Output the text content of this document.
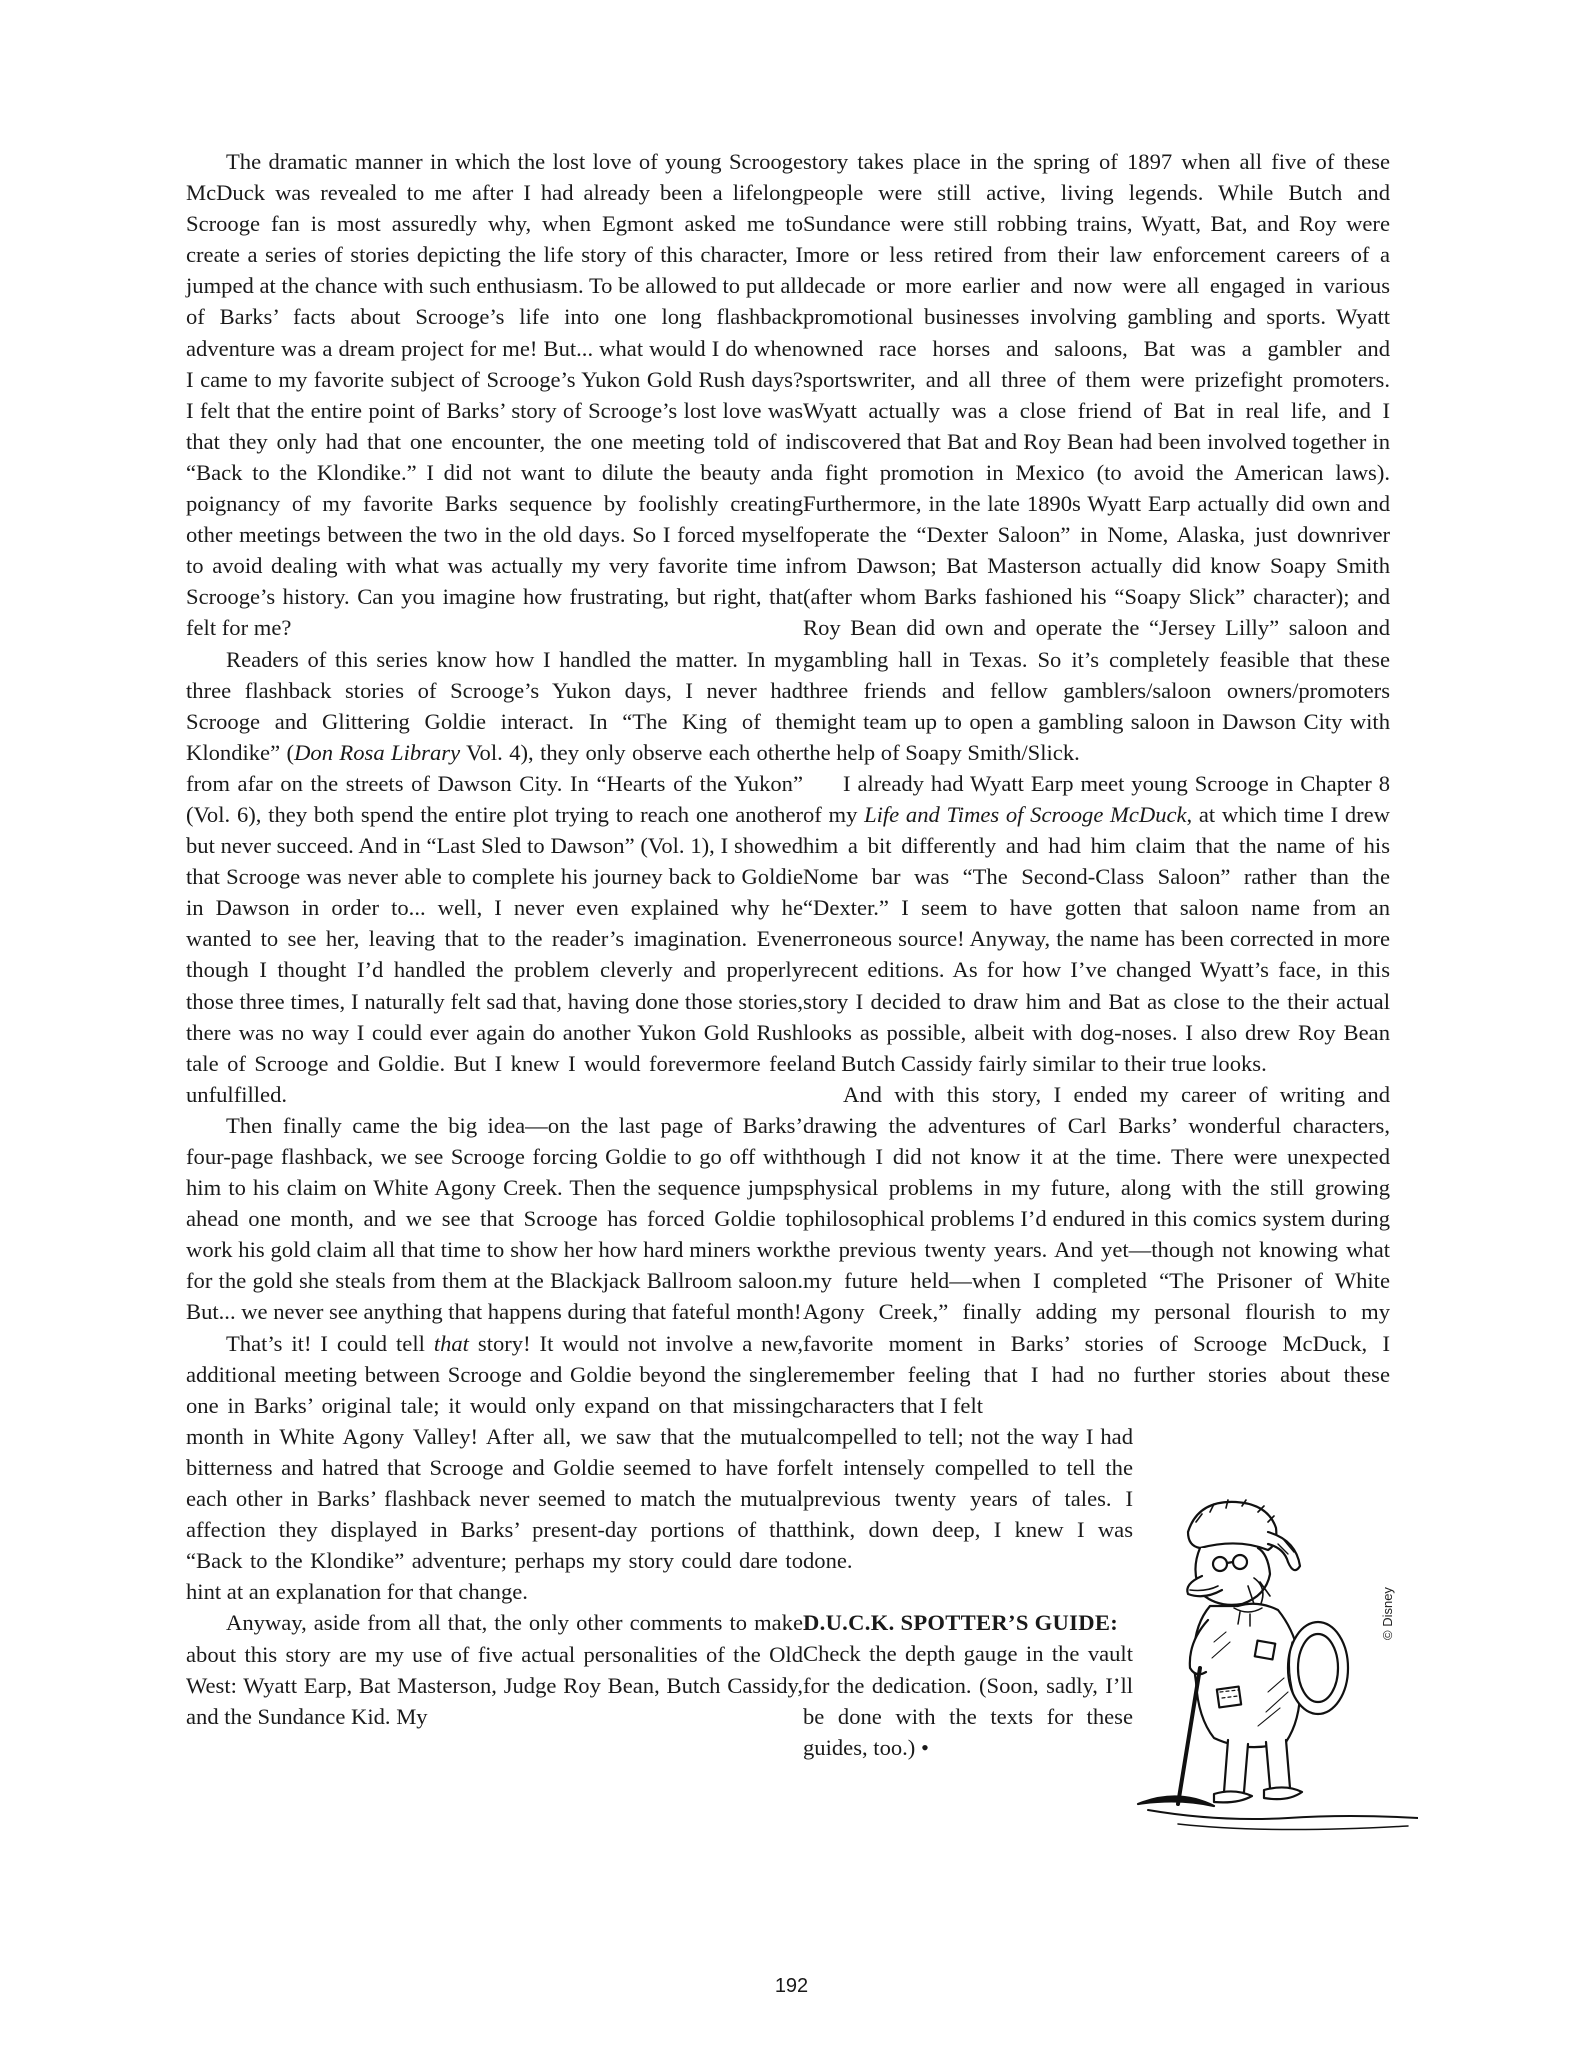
The dramatic manner in which the lost love of young Scrooge McDuck was revealed to me after I had already been a lifelong Scrooge fan is most assuredly why, when Egmont asked me to create a series of stories depicting the life story of this character, I jumped at the chance with such enthusiasm. To be allowed to put all of Barks’ facts about Scrooge’s life into one long flashback adventure was a dream project for me! But... what would I do when I came to my favorite subject of Scrooge’s Yukon Gold Rush days? I felt that the entire point of Barks’ story of Scrooge’s lost love was that they only had that one encounter, the one meeting told of in “Back to the Klondike.” I did not want to dilute the beauty and poignancy of my favorite Barks sequence by foolishly creating other meetings between the two in the old days. So I forced myself to avoid dealing with what was actually my very favorite time in Scrooge’s history. Can you imagine how frustrating, but right, that felt for me?

Readers of this series know how I handled the matter. In my three flashback stories of Scrooge’s Yukon days, I never had Scrooge and Glittering Goldie interact. In “The King of the Klondike” (Don Rosa Library Vol. 4), they only observe each other from afar on the streets of Dawson City. In “Hearts of the Yukon” (Vol. 6), they both spend the entire plot trying to reach one another but never succeed. And in “Last Sled to Dawson” (Vol. 1), I showed that Scrooge was never able to complete his journey back to Goldie in Dawson in order to... well, I never even explained why he wanted to see her, leaving that to the reader’s imagination. Even though I thought I’d handled the problem cleverly and properly those three times, I naturally felt sad that, having done those stories, there was no way I could ever again do another Yukon Gold Rush tale of Scrooge and Goldie. But I knew I would forevermore feel unfulfilled.

Then finally came the big idea—on the last page of Barks’ four-page flashback, we see Scrooge forcing Goldie to go off with him to his claim on White Agony Creek. Then the sequence jumps ahead one month, and we see that Scrooge has forced Goldie to work his gold claim all that time to show her how hard miners work for the gold she steals from them at the Blackjack Ballroom saloon. But... we never see anything that happens during that fateful month!

That’s it! I could tell that story! It would not involve a new, additional meeting between Scrooge and Goldie beyond the single one in Barks’ original tale; it would only expand on that missing month in White Agony Valley! After all, we saw that the mutual bitterness and hatred that Scrooge and Goldie seemed to have for each other in Barks’ flashback never seemed to match the mutual affection they displayed in Barks’ present-day portions of that “Back to the Klondike” adventure; perhaps my story could dare to hint at an explanation for that change.

Anyway, aside from all that, the only other comments to make about this story are my use of five actual personalities of the Old West: Wyatt Earp, Bat Masterson, Judge Roy Bean, Butch Cassidy, and the Sundance Kid. My

story takes place in the spring of 1897 when all five of these people were still active, living legends. While Butch and Sundance were still robbing trains, Wyatt, Bat, and Roy were more or less retired from their law enforcement careers of a decade or more earlier and now were all engaged in various promotional businesses involving gambling and sports. Wyatt owned race horses and saloons, Bat was a gambler and sportswriter, and all three of them were prizefight promoters. Wyatt actually was a close friend of Bat in real life, and I discovered that Bat and Roy Bean had been involved together in a fight promotion in Mexico (to avoid the American laws). Furthermore, in the late 1890s Wyatt Earp actually did own and operate the “Dexter Saloon” in Nome, Alaska, just downriver from Dawson; Bat Masterson actually did know Soapy Smith (after whom Barks fashioned his “Soapy Slick” character); and Roy Bean did own and operate the “Jersey Lilly” saloon and gambling hall in Texas. So it’s completely feasible that these three friends and fellow gamblers/saloon owners/promoters might team up to open a gambling saloon in Dawson City with the help of Soapy Smith/Slick.

I already had Wyatt Earp meet young Scrooge in Chapter 8 of my Life and Times of Scrooge McDuck, at which time I drew him a bit differently and had him claim that the name of his Nome bar was “The Second-Class Saloon” rather than the “Dexter.” I seem to have gotten that saloon name from an erroneous source! Anyway, the name has been corrected in more recent editions. As for how I’ve changed Wyatt’s face, in this story I decided to draw him and Bat as close to the their actual looks as possible, albeit with dog-noses. I also drew Roy Bean and Butch Cassidy fairly similar to their true looks.

And with this story, I ended my career of writing and drawing the adventures of Carl Barks’ wonderful characters, though I did not know it at the time. There were unexpected physical problems in my future, along with the still growing philosophical problems I’d endured in this comics system during the previous twenty years. And yet—though not knowing what my future held—when I completed “The Prisoner of White Agony Creek,” finally adding my personal flourish to my favorite moment in Barks’ stories of Scrooge McDuck, I remember feeling that I had no further stories about these characters that I felt

compelled to tell; not the way I had felt intensely compelled to tell the previous twenty years of tales. I think, down deep, I knew I was done.

D.U.C.K. SPOTTER’S GUIDE:

Check the depth gauge in the vault for the dedication. (Soon, sadly, I’ll be done with the texts for these guides, too.) •

© Disney
192
